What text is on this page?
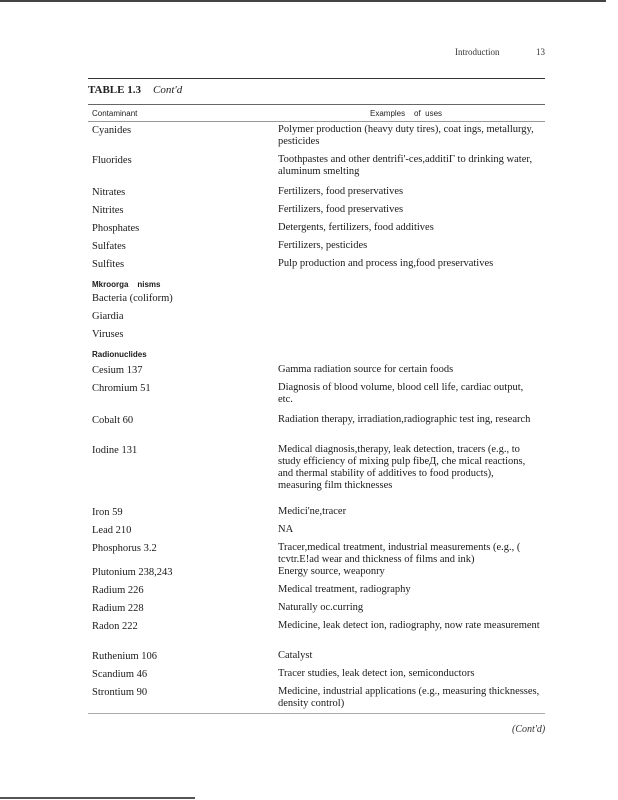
Introduction	13
TABLE 1.3 Cont'd
Contaminant	Examples    of  uses
Cyanides	Polymer production (heavy duty tires), coat ings, metallurgy, pesticides
Fluorides	Toothpastes and other dentrifi'-ces,additiΓ to drinking water, aluminum smelting
Nitrates	Fertilizers, food preservatives
Nitrites	Fertilizers, food preservatives
Phosphates	Detergents, fertilizers, food additives
Sulfates	Fertilizers, pesticides
Sulfites	Pulp production and process ing,food preservatives
Mkroorga    nisms
Bacteria (coliform)
Giardia
Viruses
Radionuclides
Cesium 137	Gamma radiation source for certain foods
Chromium 51	Diagnosis of blood volume, blood cell life, cardiac output, etc.
Cobalt 60	Radiation therapy, irradiation,radiographic test ing, research
Iodine 131	Medical diagnosis,therapy, leak detection, tracers (e.g., to study efficiency of mixing pulp fibeД, che mical reactions, and thermal stability of additives to food products), measuring film thicknesses
Iron 59	Medici'ne,tracer
Lead 210	NA
Phosphorus 3.2	Tracer,medical treatment, industrial measurements (e.g., ( tcvtr.E!ad wear and thickness of films and ink)
Plutonium 238,243	Energy source, weaponry
Radium 226	Medical treatment, radiography
Radium 228	Naturally oc.curring
Radon 222	Medicine, leak detect ion, radiography, now rate measurement
Ruthenium 106	Catalyst
Scandium 46	Tracer studies, leak detect ion, semiconductors
Strontium 90	Medicine, industrial applications (e.g., measuring thicknesses, density control)
(Cont'd)
